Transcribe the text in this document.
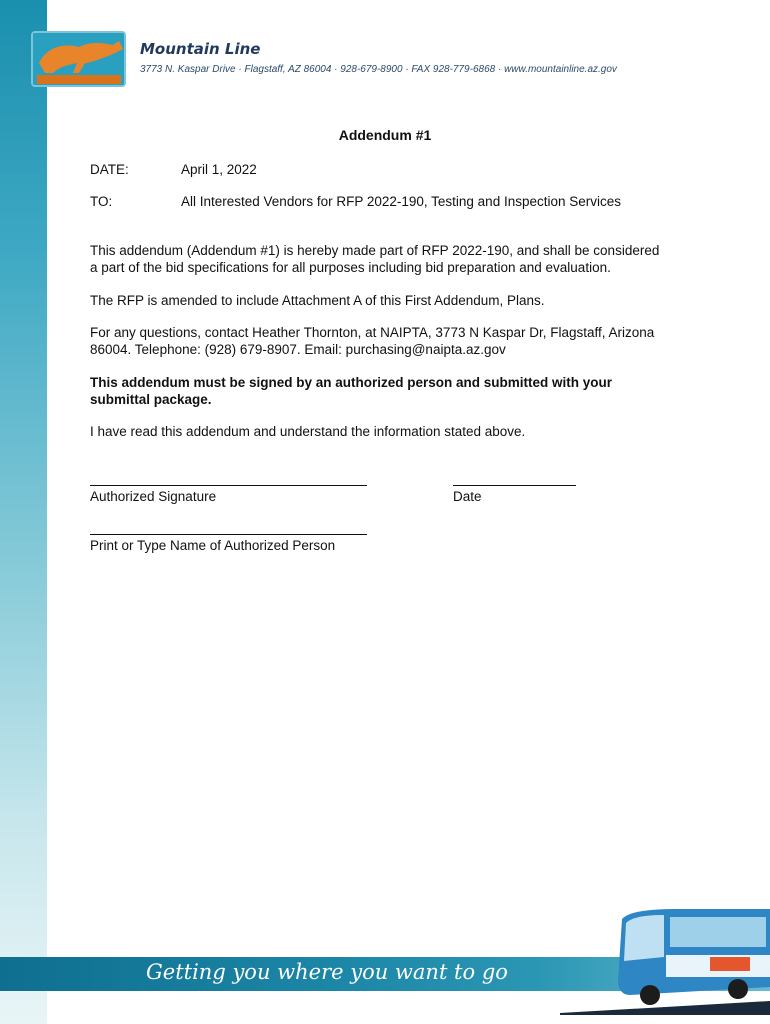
Mountain Line
3773 N. Kaspar Drive · Flagstaff, AZ 86004 · 928-679-8900 · FAX 928-779-6868 · www.mountainline.az.gov
Addendum #1
DATE:	April 1, 2022
TO:	All Interested Vendors for RFP 2022-190, Testing and Inspection Services
This addendum (Addendum #1) is hereby made part of RFP 2022-190, and shall be considered
a part of the bid specifications for all purposes including bid preparation and evaluation.
The RFP is amended to include Attachment A of this First Addendum, Plans.
For any questions, contact Heather Thornton, at NAIPTA, 3773 N Kaspar Dr, Flagstaff, Arizona
86004. Telephone: (928) 679-8907. Email: purchasing@naipta.az.gov
This addendum must be signed by an authorized person and submitted with your
submittal package.
I have read this addendum and understand the information stated above.
Authorized Signature	Date
Print or Type Name of Authorized Person
Getting you where you want to go
